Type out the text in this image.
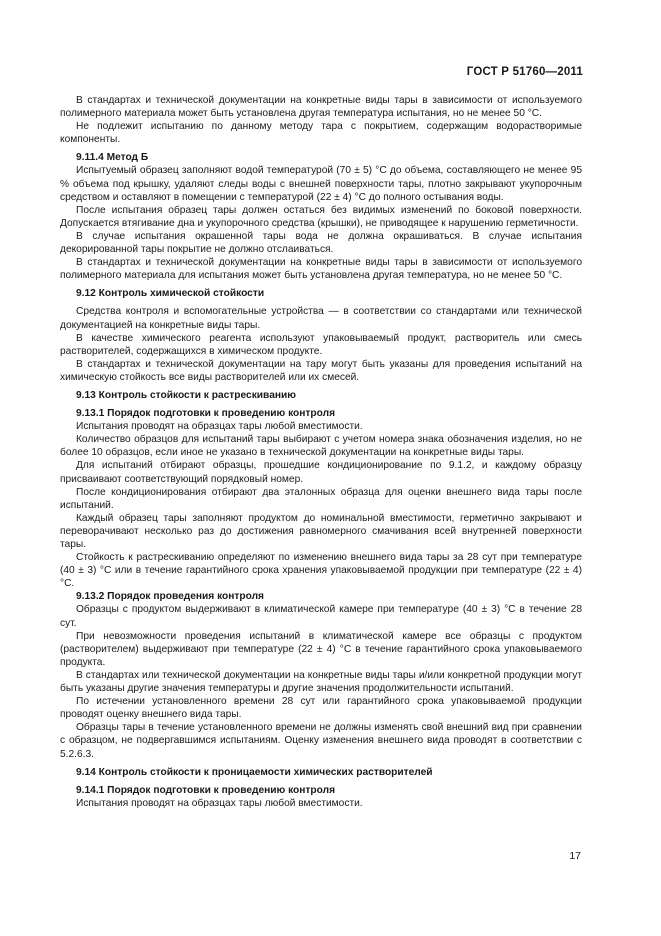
ГОСТ Р 51760—2011

В стандартах и технической документации на конкретные виды тары в зависимости от используемого полимерного материала может быть установлена другая температура испытания, но не менее 50 °С.

Не подлежит испытанию по данному методу тара с покрытием, содержащим водорастворимые компоненты.

9.11.4 Метод Б

Испытуемый образец заполняют водой температурой (70 ± 5) °С до объема, составляющего не менее 95 % объема под крышку, удаляют следы воды с внешней поверхности тары, плотно закрывают укупорочным средством и оставляют в помещении с температурой (22 ± 4) °С до полного остывания воды.

После испытания образец тары должен остаться без видимых изменений по боковой поверхности. Допускается втягивание дна и укупорочного средства (крышки), не приводящее к нарушению герметичности.

В случае испытания окрашенной тары вода не должна окрашиваться. В случае испытания декорированной тары покрытие не должно отслаиваться.

В стандартах и технической документации на конкретные виды тары в зависимости от используемого полимерного материала для испытания может быть установлена другая температура, но не менее 50 °С.

9.12 Контроль химической стойкости

Средства контроля и вспомогательные устройства — в соответствии со стандартами или технической документацией на конкретные виды тары.

В качестве химического реагента используют упаковываемый продукт, растворитель или смесь растворителей, содержащихся в химическом продукте.

В стандартах и технической документации на тару могут быть указаны для проведения испытаний на химическую стойкость все виды растворителей или их смесей.

9.13 Контроль стойкости к растрескиванию

9.13.1 Порядок подготовки к проведению контроля

Испытания проводят на образцах тары любой вместимости.

Количество образцов для испытаний тары выбирают с учетом номера знака обозначения изделия, но не более 10 образцов, если иное не указано в технической документации на конкретные виды тары.

Для испытаний отбирают образцы, прошедшие кондиционирование по 9.1.2, и каждому образцу присваивают соответствующий порядковый номер.

После кондиционирования отбирают два эталонных образца для оценки внешнего вида тары после испытаний.

Каждый образец тары заполняют продуктом до номинальной вместимости, герметично закрывают и переворачивают несколько раз до достижения равномерного смачивания всей внутренней поверхности тары.

Стойкость к растрескиванию определяют по изменению внешнего вида тары за 28 сут при температуре (40 ± 3) °С или в течение гарантийного срока хранения упаковываемой продукции при температуре (22 ± 4) °С.

9.13.2 Порядок проведения контроля

Образцы с продуктом выдерживают в климатической камере при температуре (40 ± 3) °С в течение 28 сут.

При невозможности проведения испытаний в климатической камере все образцы с продуктом (растворителем) выдерживают при температуре (22 ± 4) °С в течение гарантийного срока упаковываемого продукта.

В стандартах или технической документации на конкретные виды тары и/или конкретной продукции могут быть указаны другие значения температуры и другие значения продолжительности испытаний.

По истечении установленного времени 28 сут или гарантийного срока упаковываемой продукции проводят оценку внешнего вида тары.

Образцы тары в течение установленного времени не должны изменять свой внешний вид при сравнении с образцом, не подвергавшимся испытаниям. Оценку изменения внешнего вида проводят в соответствии с 5.2.6.3.

9.14 Контроль стойкости к проницаемости химических растворителей

9.14.1 Порядок подготовки к проведению контроля

Испытания проводят на образцах тары любой вместимости.

17
